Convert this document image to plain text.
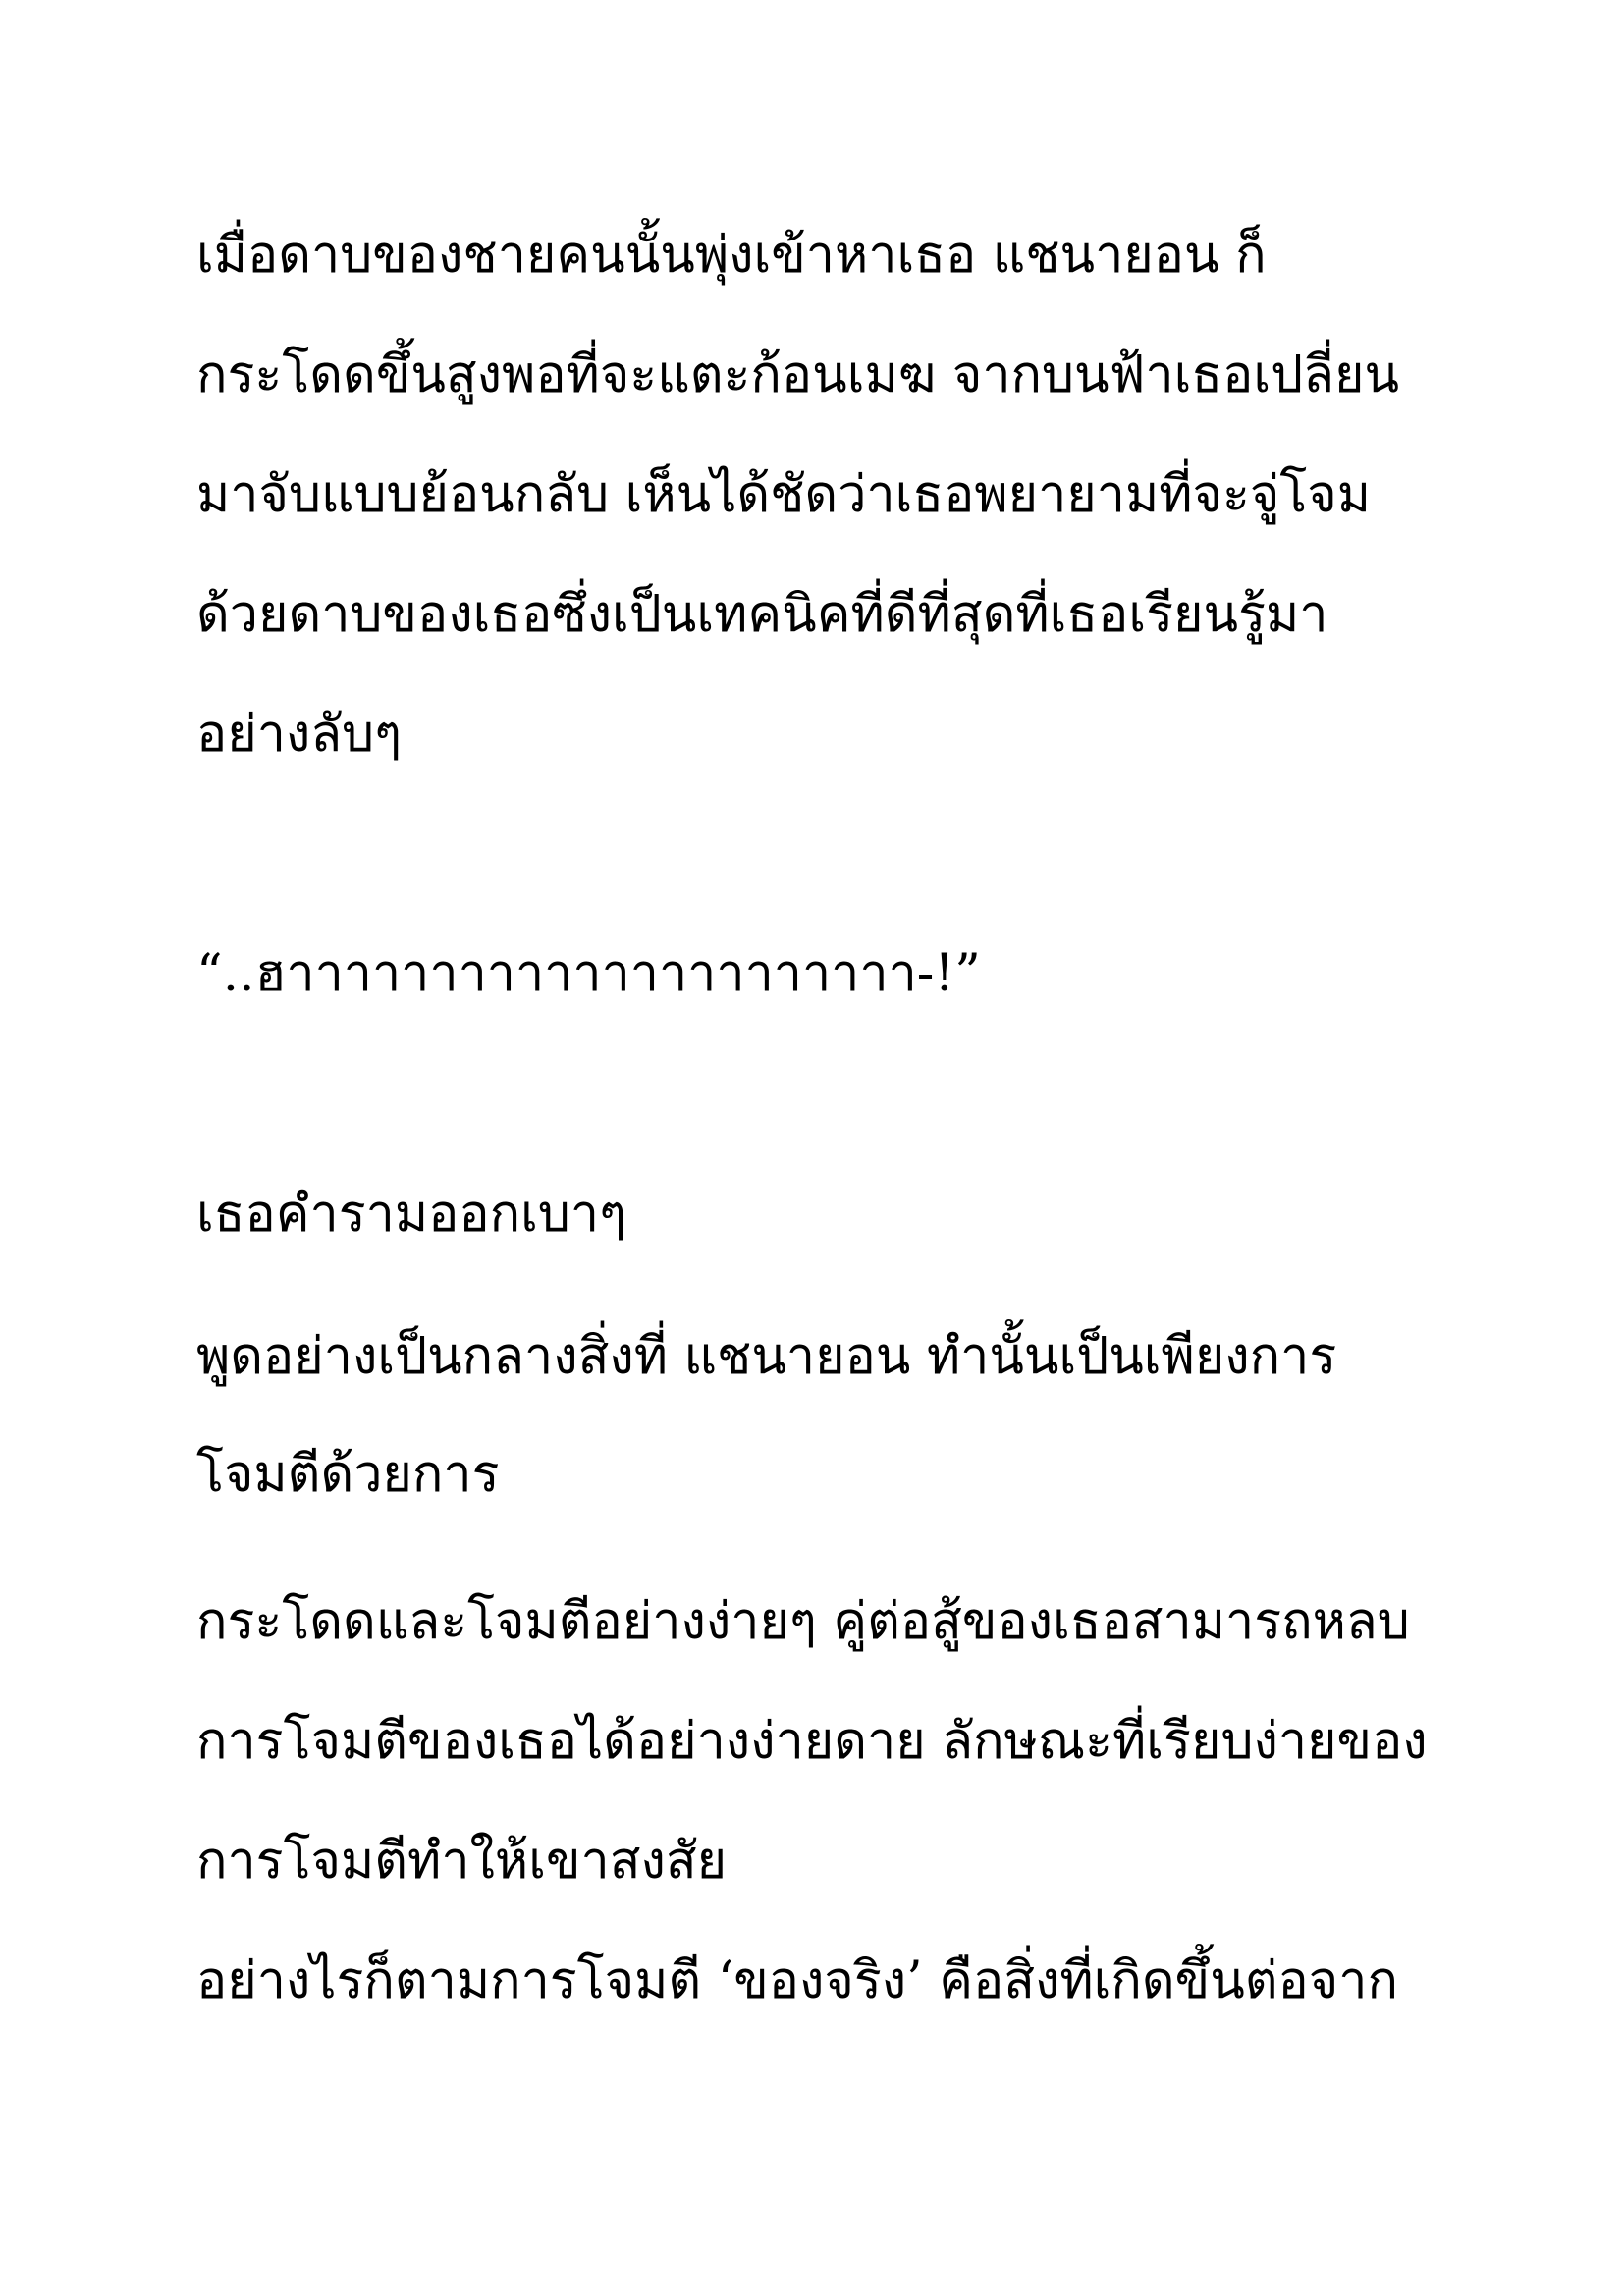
เมื่อดาบของชายคนนั้นพุ่งเข้าหาเธอ แชนายอน ก็

กระโดดขึ้นสูงพอที่จะแตะก้อนเมฆ จากบนฟ้าเธอเปลี่ยน

มาจับแบบย้อนกลับ เห็นได้ชัดว่าเธอพยายามที่จะจู่โจม

ด้วยดาบของเธอซึ่งเป็นเทคนิคที่ดีที่สุดที่เธอเรียนรู้มา

อย่างลับๆ

“..ฮาาาาาาาาาาาาาาาาาาาาาา-!”

เธอคำรามออกเบาๆ

พูดอย่างเป็นกลางสิ่งที่ แชนายอน ทำนั้นเป็นเพียงการ

โจมตีด้วยการ

กระโดดและโจมตีอย่างง่ายๆ คู่ต่อสู้ของเธอสามารถหลบ

การโจมตีของเธอได้อย่างง่ายดาย ลักษณะที่เรียบง่ายของ

การโจมตีทำให้เขาสงสัย

อย่างไรก็ตามการโจมตี ‘ของจริง’ คือสิ่งที่เกิดขึ้นต่อจาก
